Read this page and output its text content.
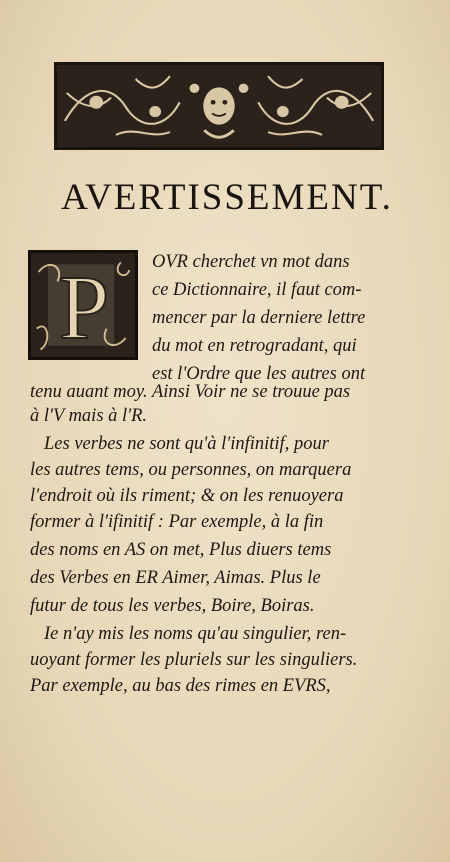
AVERTISSEMENT.
P OVR cherchet vn mot dans
ce Dictionnaire, il faut com-
mencer par la derniere lettre
du mot en retrogradant, qui
est l'Ordre que les autres ont
tenu auant moy. Ainsi Voir ne se trouue pas
à l'V mais à l'R.
Les verbes ne sont qu'à l'infinitif, pour
les autres tems, ou personnes, on marquera
l'endroit où ils riment; & on les renuoyera
former à l'ifinitif : Par exemple, à la fin
des noms en AS on met, Plus diuers tems
des Verbes en ER Aimer, Aimas. Plus le
futur de tous les verbes, Boire, Boiras.
Ie n'ay mis les noms qu'au singulier, ren-
uoyant former les pluriels sur les singuliers.
Par exemple, au bas des rimes en EVRS,
